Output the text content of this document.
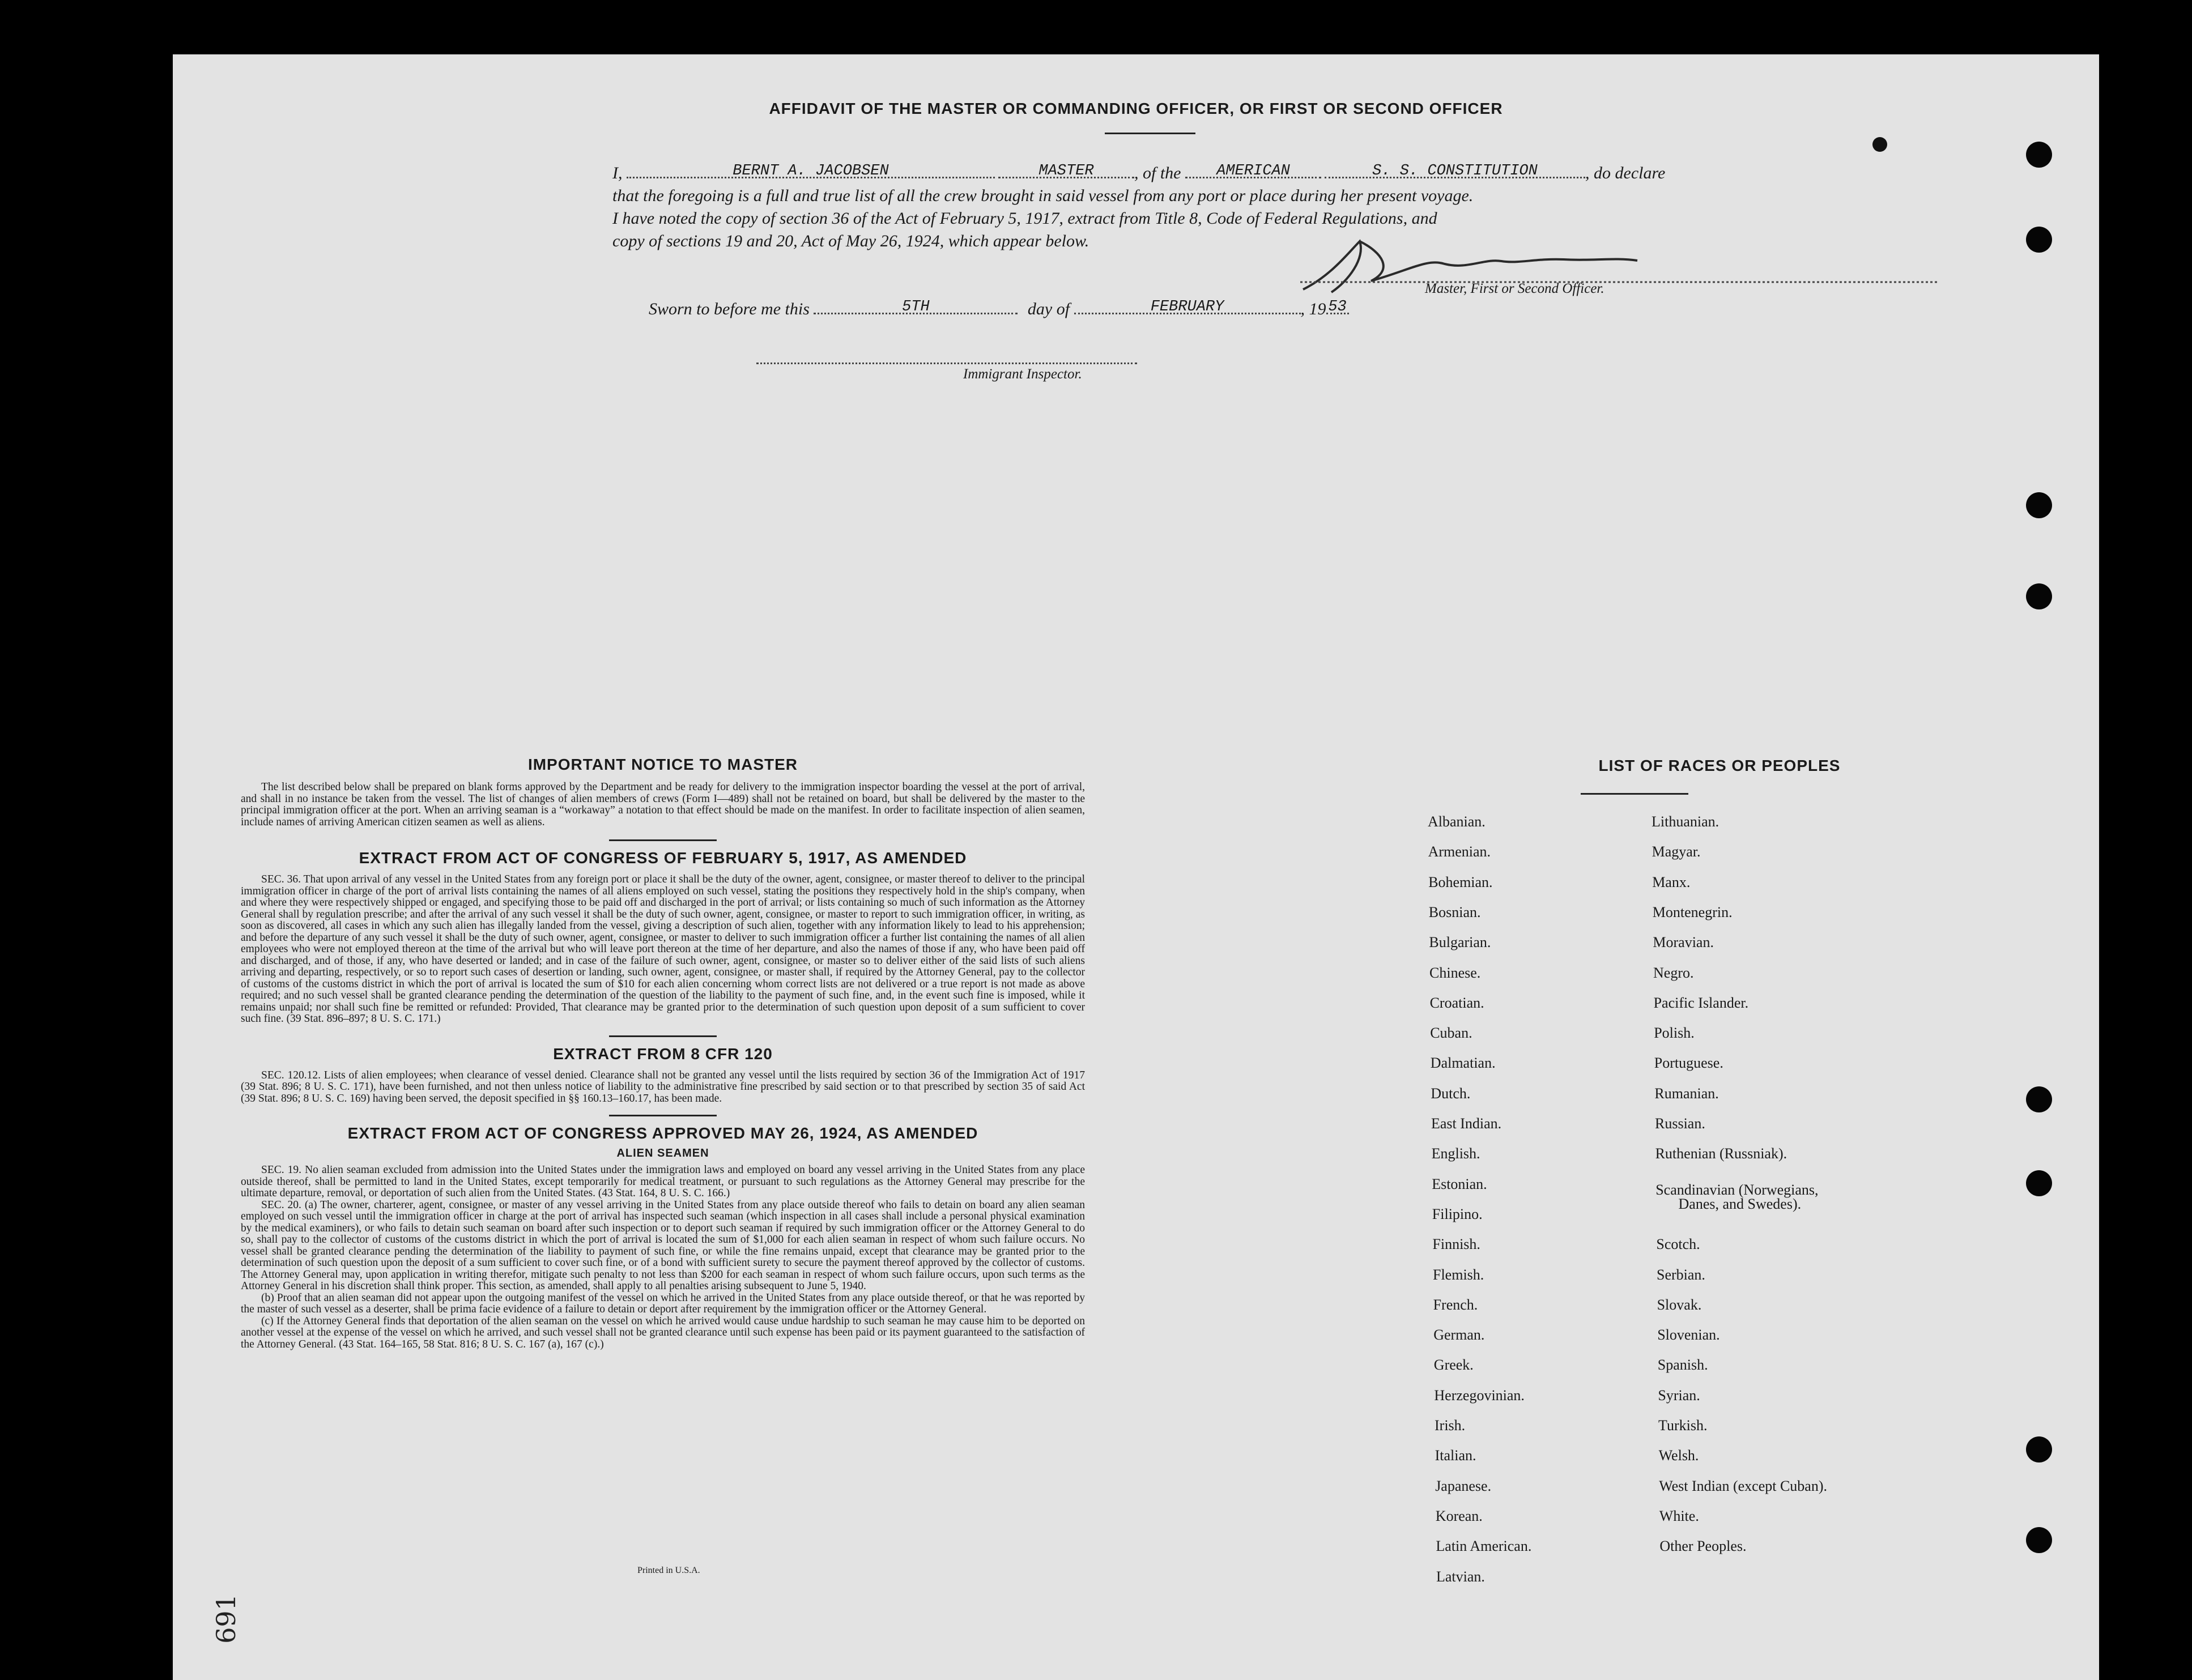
AFFIDAVIT OF THE MASTER OR COMMANDING OFFICER, OR FIRST OR SECOND OFFICER
I,	BERNT A. JACOBSEN	MASTER	, of the	AMERICAN	S. S. CONSTITUTION	, do declare
that the foregoing is a full and true list of all the crew brought in said vessel from any port or place during her present voyage.
I have noted the copy of section 36 of the Act of February 5, 1917, extract from Title 8, Code of Federal Regulations, and
copy of sections 19 and 20, Act of May 26, 1924, which appear below.
Master, First or Second Officer.
Sworn to before me this	5TH	day of	FEBRUARY	, 19 53
Immigrant Inspector.
IMPORTANT NOTICE TO MASTER

The list described below shall be prepared on blank forms approved by the Department and be ready for delivery to the immigration inspector boarding the vessel at the port of arrival, and shall in no instance be taken from the vessel. The list of changes of alien members of crews (Form I—489) shall not be retained on board, but shall be delivered by the master to the principal immigration officer at the port. When an arriving seaman is a “workaway” a notation to that effect should be made on the manifest. In order to facilitate inspection of alien seamen, include names of arriving American citizen seamen as well as aliens.

EXTRACT FROM ACT OF CONGRESS OF FEBRUARY 5, 1917, AS AMENDED

SEC. 36. That upon arrival of any vessel in the United States from any foreign port or place it shall be the duty of the owner, agent, consignee, or master thereof to deliver to the principal immigration officer in charge of the port of arrival lists containing the names of all aliens employed on such vessel, stating the positions they respectively hold in the ship's company, when and where they were respectively shipped or engaged, and specifying those to be paid off and discharged in the port of arrival; or lists containing so much of such information as the Attorney General shall by regulation prescribe; and after the arrival of any such vessel it shall be the duty of such owner, agent, consignee, or master to report to such immigration officer, in writing, as soon as discovered, all cases in which any such alien has illegally landed from the vessel, giving a description of such alien, together with any information likely to lead to his apprehension; and before the departure of any such vessel it shall be the duty of such owner, agent, consignee, or master to deliver to such immigration officer a further list containing the names of all alien employees who were not employed thereon at the time of the arrival but who will leave port thereon at the time of her departure, and also the names of those if any, who have been paid off and discharged, and of those, if any, who have deserted or landed; and in case of the failure of such owner, agent, consignee, or master so to deliver either of the said lists of such aliens arriving and departing, respectively, or so to report such cases of desertion or landing, such owner, agent, consignee, or master shall, if required by the Attorney General, pay to the collector of customs of the customs district in which the port of arrival is located the sum of $10 for each alien concerning whom correct lists are not delivered or a true report is not made as above required; and no such vessel shall be granted clearance pending the determination of the question of the liability to the payment of such fine, and, in the event such fine is imposed, while it remains unpaid; nor shall such fine be remitted or refunded: Provided, That clearance may be granted prior to the determination of such question upon deposit of a sum sufficient to cover such fine. (39 Stat. 896–897; 8 U. S. C. 171.)

EXTRACT FROM 8 CFR 120

SEC. 120.12. Lists of alien employees; when clearance of vessel denied. Clearance shall not be granted any vessel until the lists required by section 36 of the Immigration Act of 1917 (39 Stat. 896; 8 U. S. C. 171), have been furnished, and not then unless notice of liability to the administrative fine prescribed by said section or to that prescribed by section 35 of said Act (39 Stat. 896; 8 U. S. C. 169) having been served, the deposit specified in §§ 160.13–160.17, has been made.

EXTRACT FROM ACT OF CONGRESS APPROVED MAY 26, 1924, AS AMENDED
ALIEN SEAMEN

SEC. 19. No alien seaman excluded from admission into the United States under the immigration laws and employed on board any vessel arriving in the United States from any place outside thereof, shall be permitted to land in the United States, except temporarily for medical treatment, or pursuant to such regulations as the Attorney General may prescribe for the ultimate departure, removal, or deportation of such alien from the United States. (43 Stat. 164, 8 U. S. C. 166.)

SEC. 20. (a) The owner, charterer, agent, consignee, or master of any vessel arriving in the United States from any place outside thereof who fails to detain on board any alien seaman employed on such vessel until the immigration officer in charge at the port of arrival has inspected such seaman (which inspection in all cases shall include a personal physical examination by the medical examiners), or who fails to detain such seaman on board after such inspection or to deport such seaman if required by such immigration officer or the Attorney General to do so, shall pay to the collector of customs of the customs district in which the port of arrival is located the sum of $1,000 for each alien seaman in respect of whom such failure occurs. No vessel shall be granted clearance pending the determination of the liability to payment of such fine, or while the fine remains unpaid, except that clearance may be granted prior to the determination of such question upon the deposit of a sum sufficient to cover such fine, or of a bond with sufficient surety to secure the payment thereof approved by the collector of customs. The Attorney General may, upon application in writing therefor, mitigate such penalty to not less than $200 for each seaman in respect of whom such failure occurs, upon such terms as the Attorney General in his discretion shall think proper. This section, as amended, shall apply to all penalties arising subsequent to June 5, 1940.

(b) Proof that an alien seaman did not appear upon the outgoing manifest of the vessel on which he arrived in the United States from any place outside thereof, or that he was reported by the master of such vessel as a deserter, shall be prima facie evidence of a failure to detain or deport after requirement by the immigration officer or the Attorney General.

(c) If the Attorney General finds that deportation of the alien seaman on the vessel on which he arrived would cause undue hardship to such seaman he may cause him to be deported on another vessel at the expense of the vessel on which he arrived, and such vessel shall not be granted clearance until such expense has been paid or its payment guaranteed to the satisfaction of the Attorney General. (43 Stat. 164–165, 58 Stat. 816; 8 U. S. C. 167 (a), 167 (c).)

Printed in U.S.A.
691
LIST OF RACES OR PEOPLES
Albanian.
Armenian.
Bohemian.
Bosnian.
Bulgarian.
Chinese.
Croatian.
Cuban.
Dalmatian.
Dutch.
East Indian.
English.
Estonian.
Filipino.
Finnish.
Flemish.
French.
German.
Greek.
Herzegovinian.
Irish.
Italian.
Japanese.
Korean.
Latin American.
Latvian.
Lithuanian.
Magyar.
Manx.
Montenegrin.
Moravian.
Negro.
Pacific Islander.
Polish.
Portuguese.
Rumanian.
Russian.
Ruthenian (Russniak).
Scandinavian (Norwegians,
Danes, and Swedes).
Scotch.
Serbian.
Slovak.
Slovenian.
Spanish.
Syrian.
Turkish.
Welsh.
West Indian (except Cuban).
White.
Other Peoples.
